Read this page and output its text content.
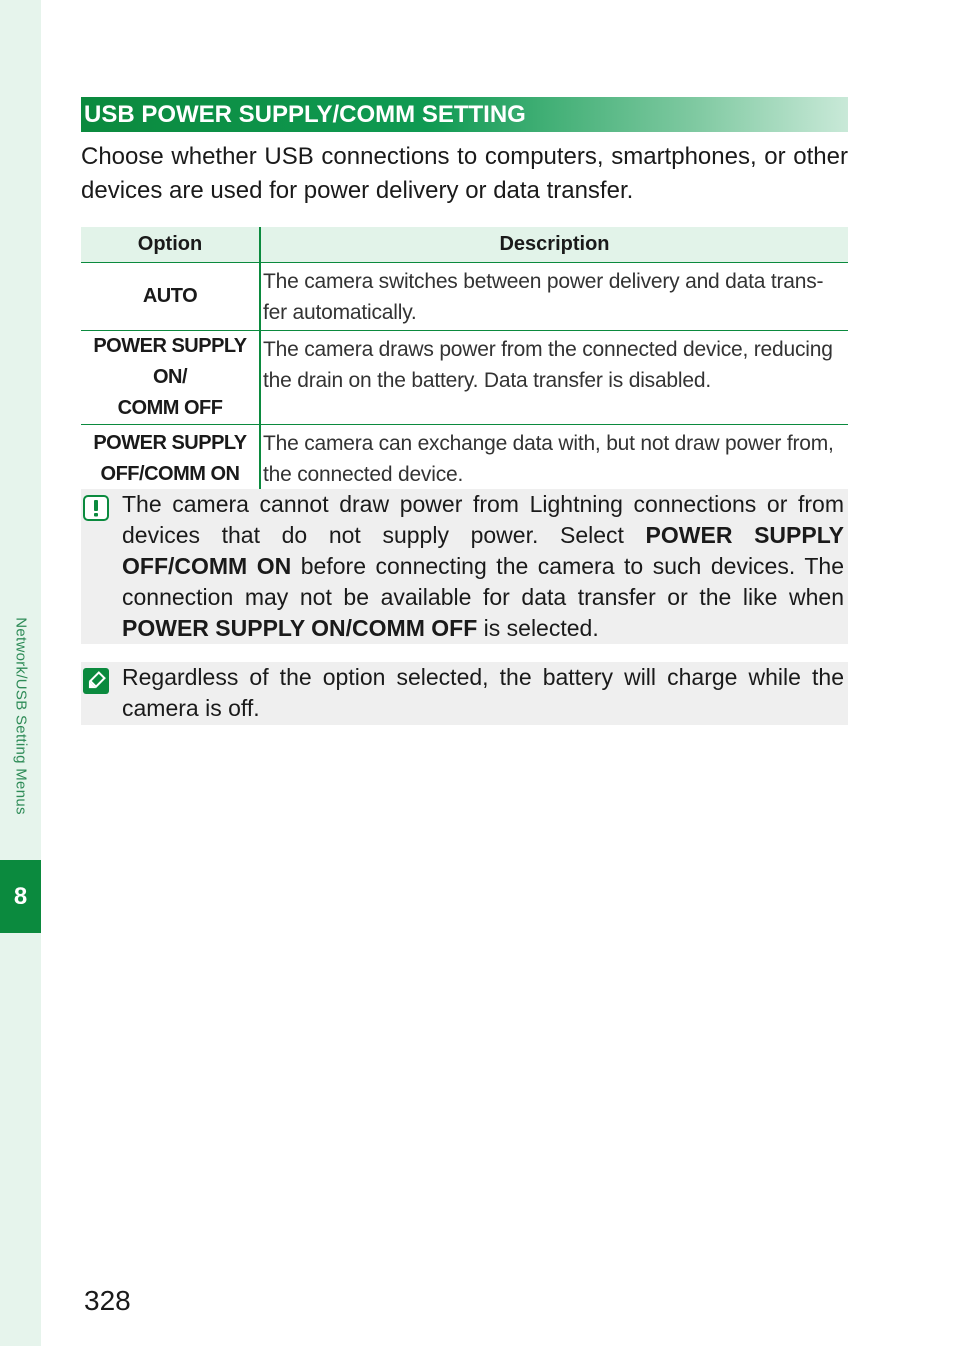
Network/USB Setting Menus
8
USB POWER SUPPLY/COMM SETTING

Choose whether USB connections to computers, smartphones, or other devices are used for power delivery or data transfer.

Option	Description
AUTO	The camera switches between power delivery and data trans-fer automatically.
POWER SUPPLY ON/
COMM OFF	The camera draws power from the connected device, reducing the drain on the battery. Data transfer is disabled.
POWER SUPPLY
OFF/COMM ON	The camera can exchange data with, but not draw power from, the connected device.

The camera cannot draw power from Lightning connections or from devices that do not supply power. Select POWER SUPPLY OFF/COMM ON before connecting the camera to such devices. The connection may not be available for data transfer or the like when POWER SUPPLY ON/COMM OFF is selected.

Regardless of the option selected, the battery will charge while the camera is off.

328
